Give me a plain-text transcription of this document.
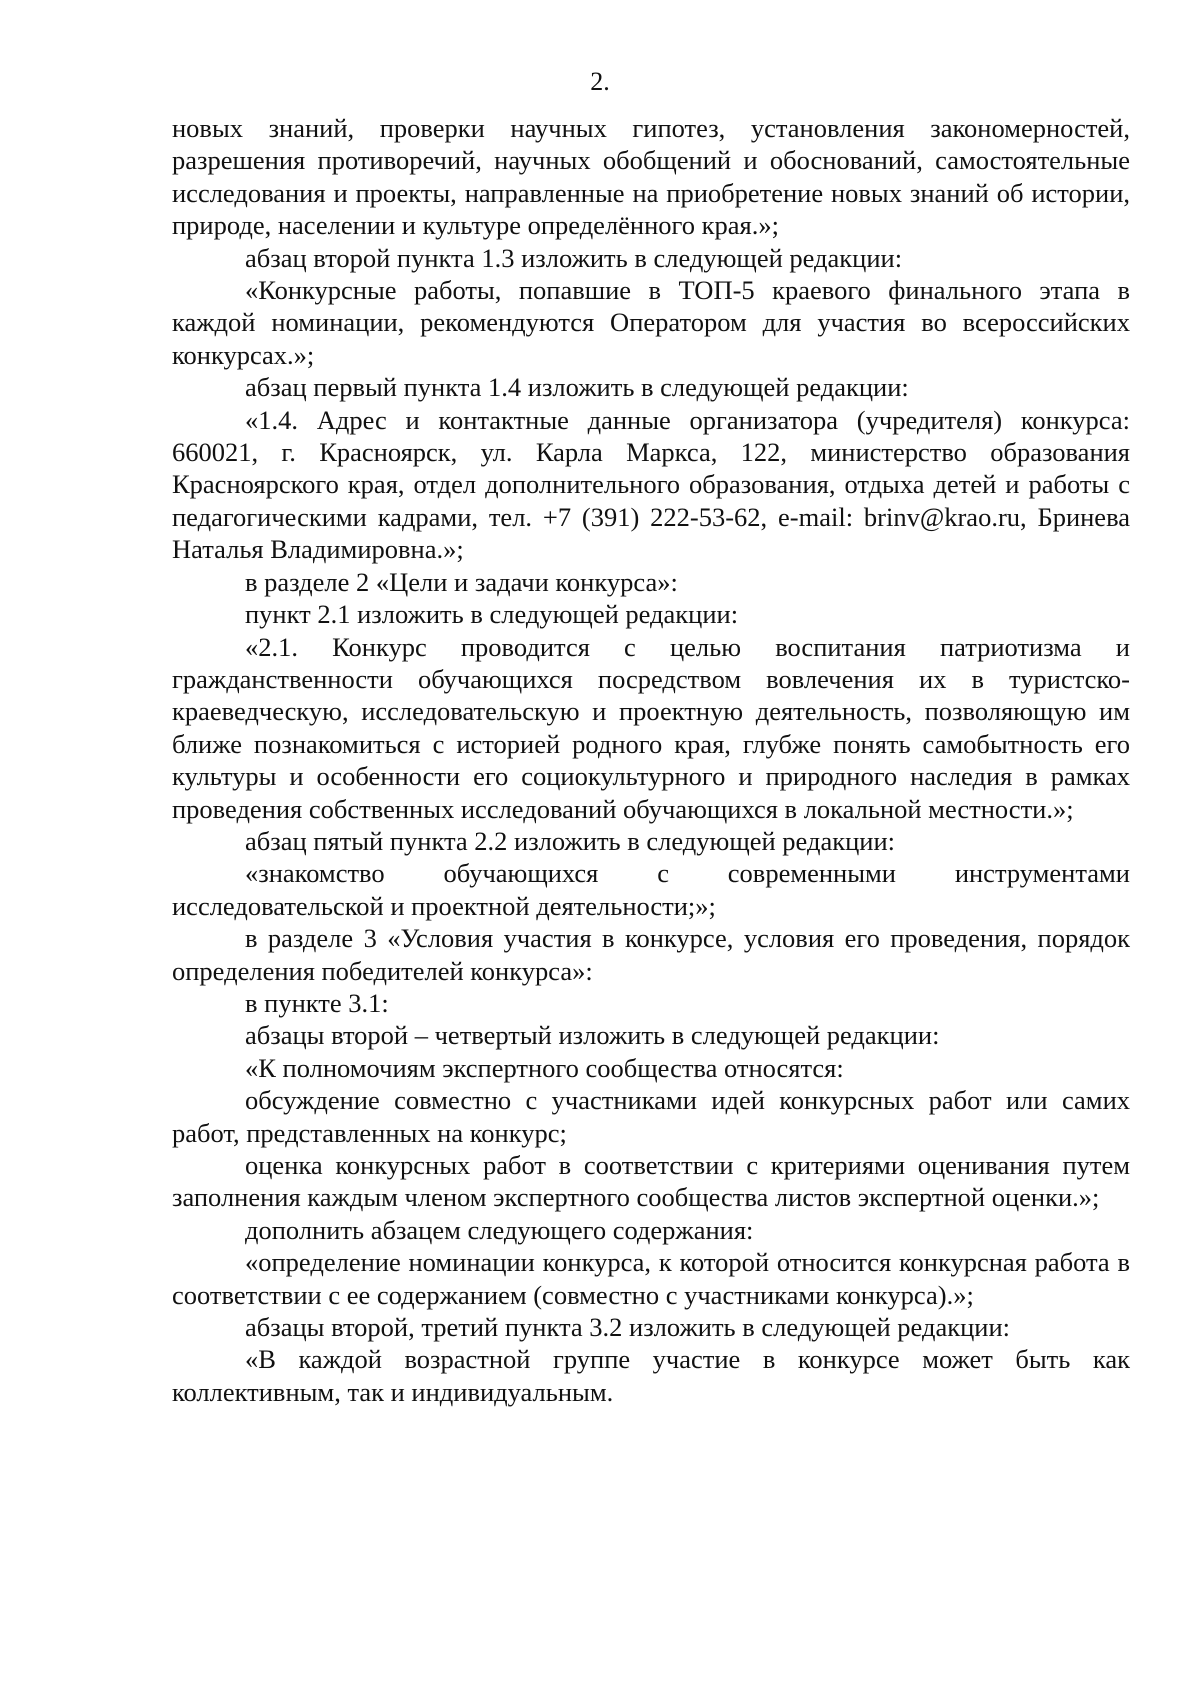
2.

новых знаний, проверки научных гипотез, установления закономерностей, разрешения противоречий, научных обобщений и обоснований, самостоятельные исследования и проекты, направленные на приобретение новых знаний об истории, природе, населении и культуре определённого края.»;

абзац второй пункта 1.3 изложить в следующей редакции:

«Конкурсные работы, попавшие в ТОП-5 краевого финального этапа в каждой номинации, рекомендуются Оператором для участия во всероссийских конкурсах.»;

абзац первый пункта 1.4 изложить в следующей редакции:

«1.4. Адрес и контактные данные организатора (учредителя) конкурса: 660021, г. Красноярск, ул. Карла Маркса, 122, министерство образования Красноярского края, отдел дополнительного образования, отдыха детей и работы с педагогическими кадрами, тел. +7 (391) 222-53-62, e-mail: brinv@krao.ru, Бринева Наталья Владимировна.»;

в разделе 2 «Цели и задачи конкурса»:

пункт 2.1 изложить в следующей редакции:

«2.1. Конкурс проводится с целью воспитания патриотизма и гражданственности обучающихся посредством вовлечения их в туристско-краеведческую, исследовательскую и проектную деятельность, позволяющую им ближе познакомиться с историей родного края, глубже понять самобытность его культуры и особенности его социокультурного и природного наследия в рамках проведения собственных исследований обучающихся в локальной местности.»;

абзац пятый пункта 2.2 изложить в следующей редакции:

«знакомство обучающихся с современными инструментами исследовательской и проектной деятельности;»;

в разделе 3 «Условия участия в конкурсе, условия его проведения, порядок определения победителей конкурса»:

в пункте 3.1:

абзацы второй – четвертый изложить в следующей редакции:

«К полномочиям экспертного сообщества относятся:

обсуждение совместно с участниками идей конкурсных работ или самих работ, представленных на конкурс;

оценка конкурсных работ в соответствии с критериями оценивания путем заполнения каждым членом экспертного сообщества листов экспертной оценки.»;

дополнить абзацем следующего содержания:

«определение номинации конкурса, к которой относится конкурсная работа в соответствии с ее содержанием (совместно с участниками конкурса).»;

абзацы второй, третий пункта 3.2 изложить в следующей редакции:

«В каждой возрастной группе участие в конкурсе может быть как коллективным, так и индивидуальным.
